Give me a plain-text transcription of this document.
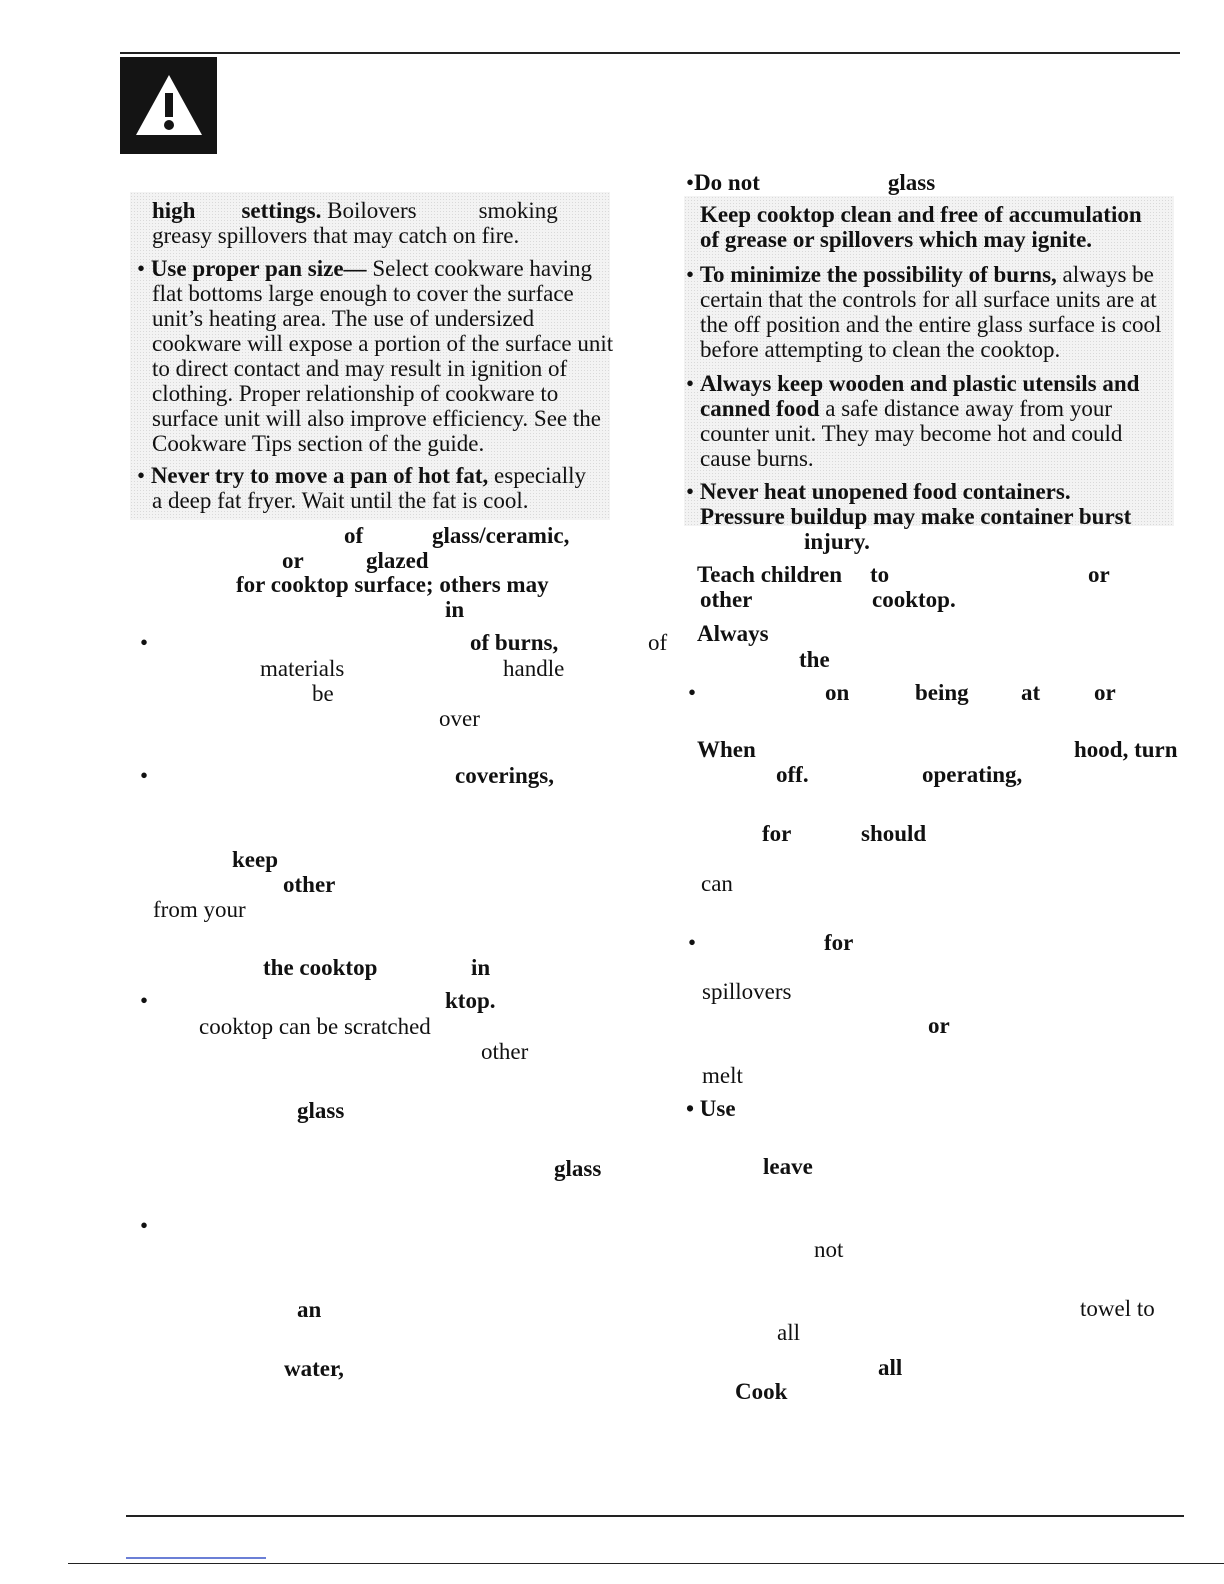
high settings. Boilovers	smoking

greasy spillovers that may catch on fire.

• Use proper pan size— Select cookware having

flat bottoms large enough to cover the surface

unit’s heating area. The use of undersized

cookware will expose a portion of the surface unit

to direct contact and may result in ignition of

clothing. Proper relationship of cookware to

surface unit will also improve efficiency. See the

Cookware Tips section of the guide.

• Never try to move a pan of hot fat, especially

a deep fat fryer. Wait until the fat is cool.

•Do not	glass

Keep cooktop clean and free of accumulation

of grease or spillovers which may ignite.

• To minimize the possibility of burns, always be

certain that the controls for all surface units are at

the off position and the entire glass surface is cool

before attempting to clean the cooktop.

• Always keep wooden and plastic utensils and

canned food a safe distance away from your

counter unit. They may become hot and could

cause burns.

• Never heat unopened food containers.

Pressure buildup may make container burst

injury.

of	glass/ceramic,
or	glazed
for cooktop surface; others may
in
•	of burns,	of
materials	handle
be
over
•	coverings,
keep
other
from your
the cooktop	in
•	ktop.
cooktop can be scratched
other
glass
glass
•
an
water,
Teach children to	or
other	cooktop.
Always
the
•	on	being at or
When	hood, turn
off.	operating,
for	should
can
•	for
spillovers
or
melt
• Use
leave
not
towel to
all
all
Cook
